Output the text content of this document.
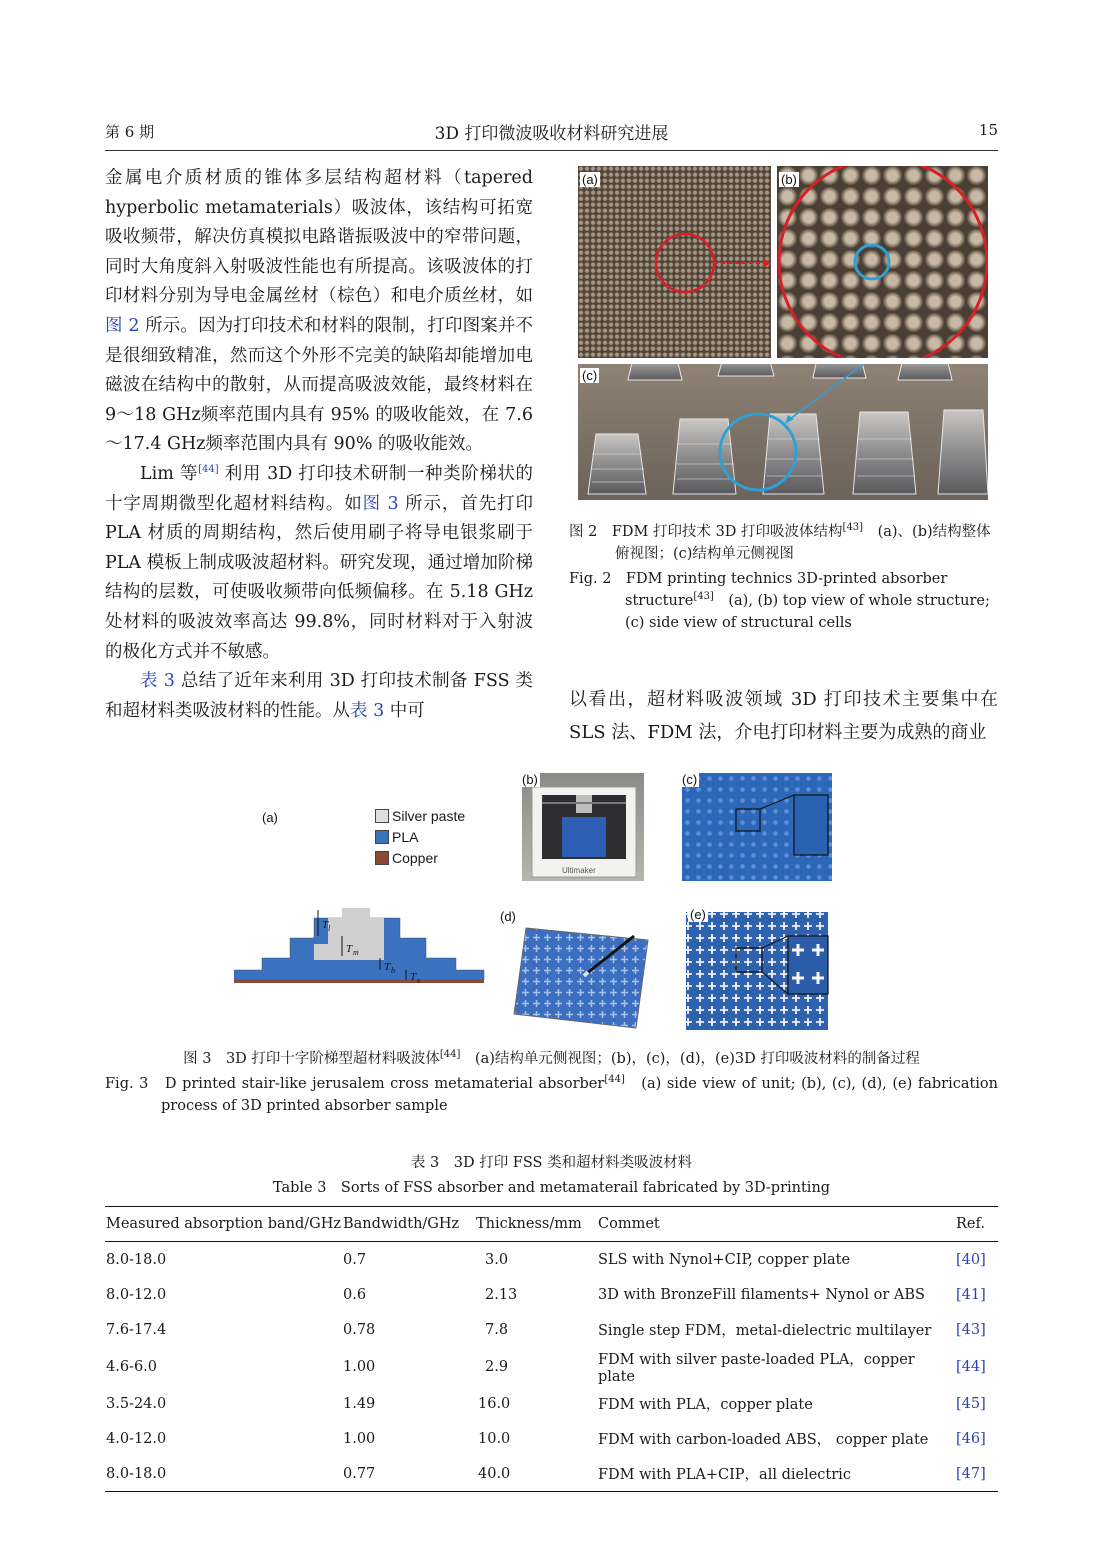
第 6 期	3D 打印微波吸收材料研究进展	15

金属电介质材质的锥体多层结构超材料（tapered hyperbolic metamaterials）吸波体，该结构可拓宽吸收频带，解决仿真模拟电路谐振吸波中的窄带问题，同时大角度斜入射吸波性能也有所提高。该吸波体的打印材料分别为导电金属丝材（棕色）和电介质丝材，如图 2 所示。因为打印技术和材料的限制，打印图案并不是很细致精准，然而这个外形不完美的缺陷却能增加电磁波在结构中的散射，从而提高吸波效能，最终材料在 9～18 GHz频率范围内具有 95% 的吸收能效，在 7.6～17.4 GHz频率范围内具有 90% 的吸收能效。

Lim 等[44] 利用 3D 打印技术研制一种类阶梯状的十字周期微型化超材料结构。如图 3 所示，首先打印 PLA 材质的周期结构，然后使用刷子将导电银浆刷于 PLA 模板上制成吸波超材料。研究发现，通过增加阶梯结构的层数，可使吸收频带向低频偏移。在 5.18 GHz 处材料的吸波效率高达 99.8%，同时材料对于入射波的极化方式并不敏感。

表 3 总结了近年来利用 3D 打印技术制备 FSS 类和超材料类吸波材料的性能。从表 3 中可

(a)	(b)
(c)
图 2　FDM 打印技术 3D 打印吸波体结构[43]　(a)、(b)结构整体俯视图；(c)结构单元侧视图
Fig. 2　FDM printing technics 3D-printed absorber structure[43]　(a), (b) top view of whole structure; (c) side view of structural cells

以看出，超材料吸波领域 3D 打印技术主要集中在 SLS 法、FDM 法，介电打印材料主要为成熟的商业

(a)	Silver paste
PLA
Copper
T
T
T
T
l
m
b
s
Ultimaker
(b)	(c)
(d)	(e)
图 3　3D 打印十字阶梯型超材料吸波体[44]　(a)结构单元侧视图；(b)，(c)，(d)，(e)3D 打印吸波材料的制备过程
Fig. 3　D printed stair-like jerusalem cross metamaterial absorber[44]　(a) side view of unit; (b), (c), (d), (e) fabrication process of 3D printed absorber sample
表 3　3D 打印 FSS 类和超材料类吸波材料
Table 3　Sorts of FSS absorber and metamaterail fabricated by 3D-printing
Measured absorption band/GHz	Bandwidth/GHz	Thickness/mm	Commet	Ref.
8.0-18.0	0.7	3.0	SLS with Nynol+CIP, copper plate	[40]
8.0-12.0	0.6	2.13	3D with BronzeFill filaments+ Nynol or ABS	[41]
7.6-17.4	0.78	7.8	Single step FDM，metal-dielectric multilayer	[43]
4.6-6.0	1.00	2.9	FDM with silver paste-loaded PLA，copper plate	[44]
3.5-24.0	1.49	16.0	FDM with PLA，copper plate	[45]
4.0-12.0	1.00	10.0	FDM with carbon-loaded ABS， copper plate	[46]
8.0-18.0	0.77	40.0	FDM with PLA+CIP，all dielectric	[47]
